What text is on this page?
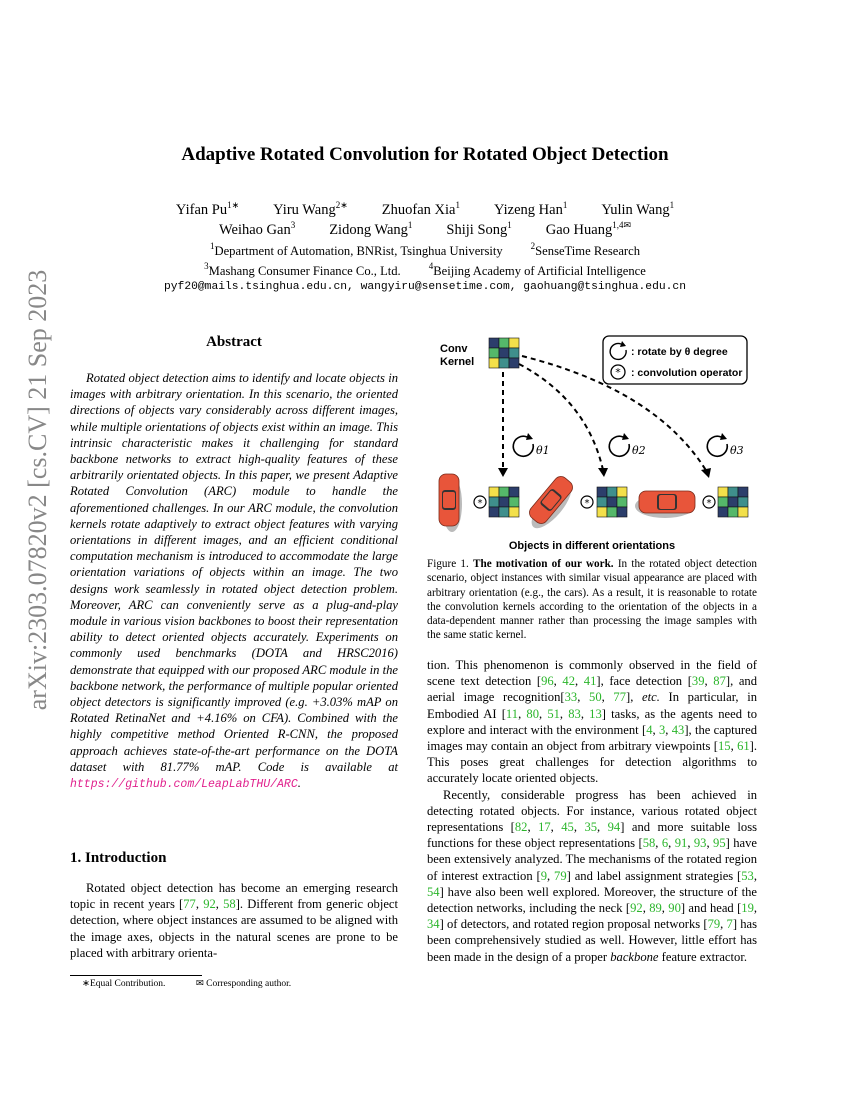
arXiv:2303.07820v2 [cs.CV] 21 Sep 2023
Adaptive Rotated Convolution for Rotated Object Detection
Yifan $Pu^{1∗}$ Yiru Wang$^{2∗}$ Zhuofan Xia$^1$ Yizeng Han$^1$ Yulin Wang$^1$
Weihao Gan$^3$ Zidong Wang$^1$ Shiji Song$^1$ Gao Huang$^{1,4✉}$
$^1$Department of Automation, BNRist, Tsinghua University	$^2$SenseTime Research
$^3$Mashang Consumer Finance Co., Ltd.	$^4$Beijing Academy of Artificial Intelligence
pyf20@mails.tsinghua.edu.cn, wangyiru@sensetime.com, gaohuang@tsinghua.edu.cn
Abstract
Rotated object detection aims to identify and locate objects in images with arbitrary orientation. In this scenario, the oriented directions of objects vary considerably across different images, while multiple orientations of objects exist within an image. This intrinsic characteristic makes it challenging for standard backbone networks to extract high-quality features of these arbitrarily orientated objects. In this paper, we present Adaptive Rotated Convolution (ARC) module to handle the aforementioned challenges. In our ARC module, the convolution kernels rotate adaptively to extract object features with varying orientations in different images, and an efficient conditional computation mechanism is introduced to accommodate the large orientation variations of objects within an image. The two designs work seamlessly in rotated object detection problem. Moreover, ARC can conveniently serve as a plug-and-play module in various vision backbones to boost their representation ability to detect oriented objects accurately. Experiments on commonly used benchmarks (DOTA and HRSC2016) demonstrate that equipped with our proposed ARC module in the backbone network, the performance of multiple popular oriented object detectors is significantly improved (e.g. +3.03% mAP on Rotated RetinaNet and +4.16% on CFA). Combined with the highly competitive method Oriented R-CNN, the proposed approach achieves state-of-the-art performance on the DOTA dataset with 81.77% mAP. Code is available at https://github.com/LeapLabTHU/ARC.
1. Introduction
Rotated object detection has become an emerging research topic in recent years [77, 92, 58]. Different from generic object detection, where object instances are assumed to be aligned with the image axes, objects in the natural scenes are prone to be placed with arbitrary orienta-
∗Equal Contribution.	✉ Corresponding author.
Conv
Kernel
: rotate by θ degree
* : convolution operator
θ1	θ2	θ3
*	*	*
Objects in different orientations
Figure 1. The motivation of our work. In the rotated object detection scenario, object instances with similar visual appearance are placed with arbitrary orientation (e.g., the cars). As a result, it is reasonable to rotate the convolution kernels according to the orientation of the objects in a data-dependent manner rather than processing the image samples with the same static kernel.

tion. This phenomenon is commonly observed in the field of scene text detection [96, 42, 41], face detection [39, 87], and aerial image recognition[33, 50, 77], etc. In particular, in Embodied AI [11, 80, 51, 83, 13] tasks, as the agents need to explore and interact with the environment [4, 3, 43], the captured images may contain an object from arbitrary viewpoints [15, 61]. This poses great challenges for detection algorithms to accurately locate oriented objects.

Recently, considerable progress has been achieved in detecting rotated objects. For instance, various rotated object representations [82, 17, 45, 35, 94] and more suitable loss functions for these object representations [58, 6, 91, 93, 95] have been extensively analyzed. The mechanisms of the rotated region of interest extraction [9, 79] and label assignment strategies [53, 54] have also been well explored. Moreover, the structure of the detection networks, including the neck [92, 89, 90] and head [19, 34] of detectors, and rotated region proposal networks [79, 7] has been comprehensively studied as well. However, little effort has been made in the design of a proper backbone feature extractor.
